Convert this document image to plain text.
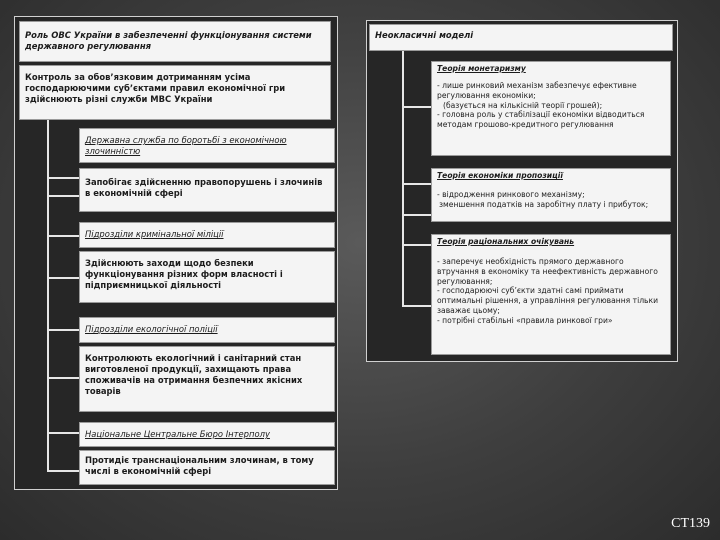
Роль ОВС України в забезпеченні функціонування системи державного регулювання
Контроль за обов’язковим дотриманням усіма господарюючими суб’єктами правил економічної гри здійснюють різні служби МВС України
Державна служба по боротьбі з економічною злочинністю
Запобігає здійсненню правопорушень і злочинів в економічній сфері
Підрозділи кримінальної міліції
Здійснюють заходи щодо безпеки функціонування різних форм власності і підприємницької діяльності
Підрозділи екологічної поліції
Контролюють екологічний і санітарний стан виготовленої продукції, захищають права споживачів на отримання безпечних якісних товарів
Національне Центральне Бюро Інтерполу
Протидіє транснаціональним злочинам, в тому числі в економічній сфері
Неокласичні моделі
Теорія монетаризму
- лише ринковий механізм забезпечує ефективне регулювання економіки;
(базується на кількісній теорії грошей);
- головна роль у стабілізації економіки відводиться методам грошово-кредитного регулювання
Теорія економіки пропозиції
- відродження ринкового механізму;
зменшення податків на заробітну плату і прибуток;
Теорія раціональних очікувань
- заперечує необхідність прямого державного втручання в економіку та неефективність державного регулювання;
- господарюючі суб’єкти здатні самі приймати оптимальні рішення, а управління регулювання тільки заважає цьому;
- потрібні стабільні «правила ринкової гри»
СТ139
